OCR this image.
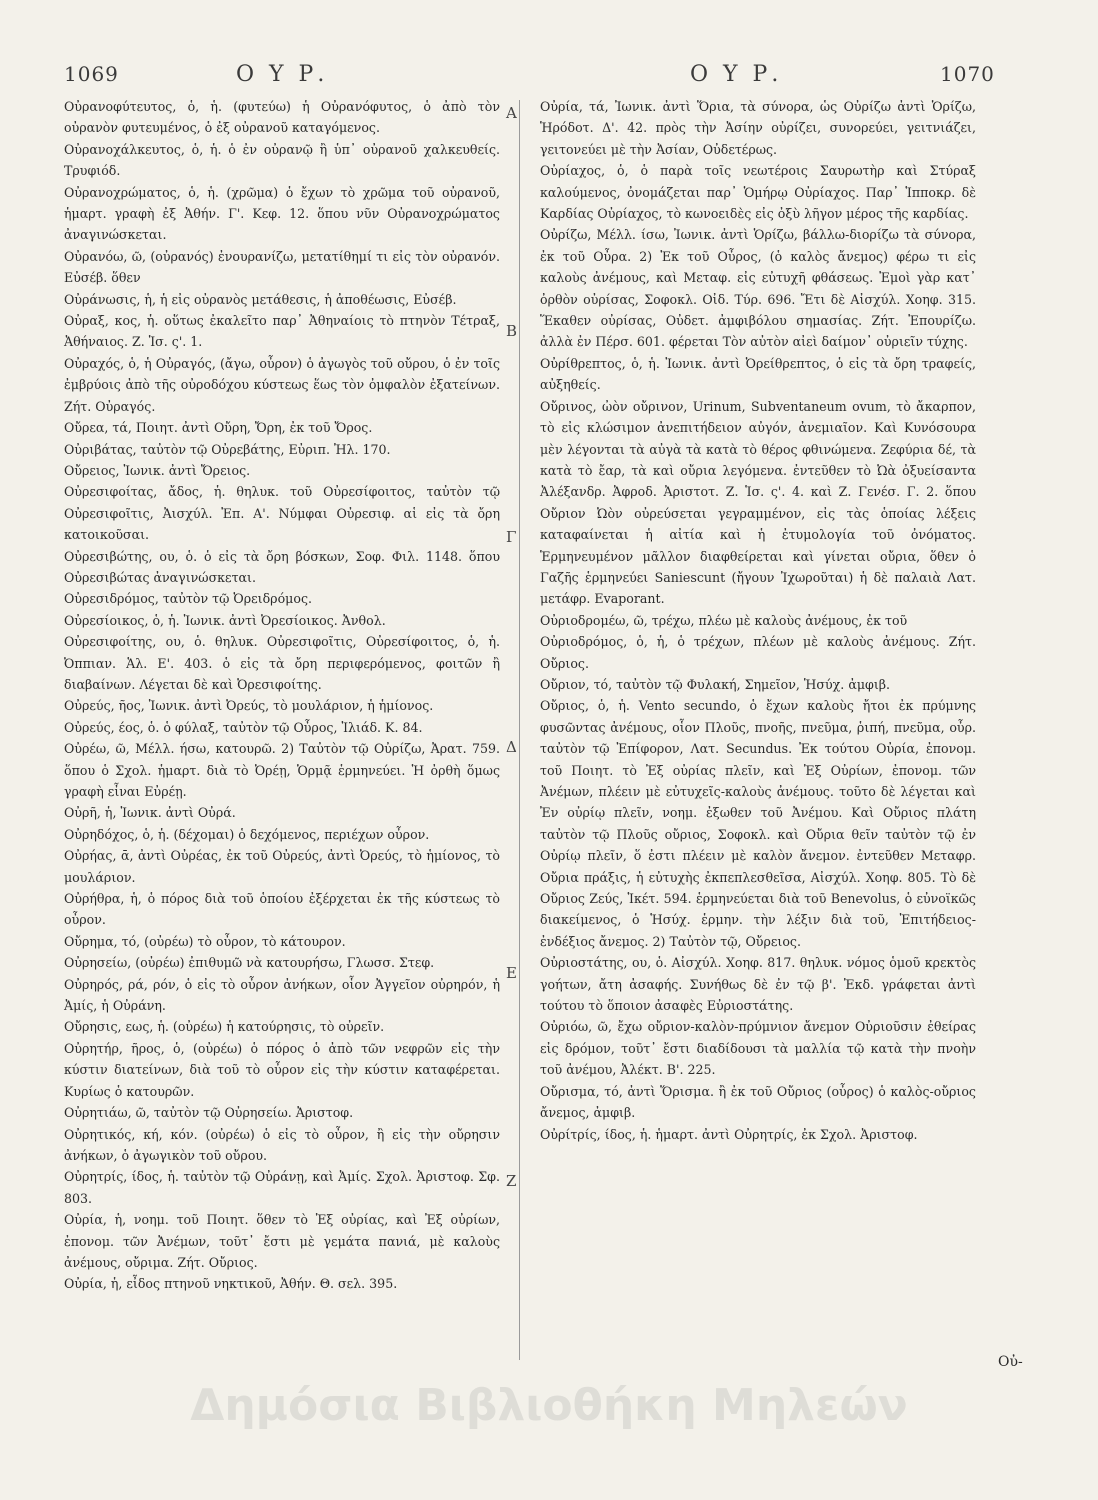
1069	Ο Υ Ρ.	Ο Υ Ρ.	1070

Οὐρανοφύτευτος, ὁ, ἡ. (φυτεύω) ἡ Οὐρανόφυτος, ὁ ἀπὸ τὸν οὐρανὸν φυτευμένος, ὁ ἐξ οὐρανοῦ καταγόμενος.

Οὐρανοχάλκευτος, ὁ, ἡ. ὁ ἐν οὐρανῷ ἢ ὑπ᾽ οὐρανοῦ χαλκευθείς. Τρυφιόδ.

Οὐρανοχρώματος, ὁ, ἡ. (χρῶμα) ὁ ἔχων τὸ χρῶμα τοῦ οὐρανοῦ, ἡμαρτ. γραφὴ ἐξ Ἀθήν. Γ'. Κεφ. 12. ὅπου νῦν Οὐρανοχρώματος ἀναγινώσκεται.

Οὐρανόω, ῶ, (οὐρανός) ἐνουρανίζω, μετατίθημί τι εἰς τὸν οὐρανόν. Εὐσέβ. ὅθεν

Οὐράνωσις, ἡ, ἡ εἰς οὐρανὸς μετάθεσις, ἡ ἀποθέωσις, Εὐσέβ.

Οὐραξ, κος, ἡ. οὕτως ἐκαλεῖτο παρ᾽ Ἀθηναίοις τὸ πτηνὸν Τέτραξ, Ἀθήναιος. Ζ. Ἱσ. ς'. 1.

Οὐραχός, ὁ, ἡ Οὐραγός, (ἄγω, οὖρον) ὁ ἀγωγὸς τοῦ οὔρου, ὁ ἐν τοῖς ἐμβρύοις ἀπὸ τῆς οὐροδόχου κύστεως ἕως τὸν ὀμφαλὸν ἐξατείνων. Ζήτ. Οὐραγός.

Οὔρεα, τά, Ποιητ. ἀντὶ Οὔρη, Ὄρη, ἐκ τοῦ Ὄρος.

Οὐριβάτας, ταὐτὸν τῷ Οὐρεβάτης, Εὐριπ. Ἠλ. 170.

Οὔρειος, Ἰωνικ. ἀντὶ Ὄρειος.

Οὐρεσιφοίτας, ἄδος, ἡ. θηλυκ. τοῦ Οὐρεσίφοιτος, ταὐτὸν τῷ Οὐρεσιφοῖτις, Ἀισχύλ. Ἐπ. Α'. Νύμφαι Οὐρεσιφ. αἱ εἰς τὰ ὄρη κατοικοῦσαι.

Οὐρεσιβώτης, ου, ὁ. ὁ εἰς τὰ ὄρη βόσκων, Σοφ. Φιλ. 1148. ὅπου Οὐρεσιβώτας ἀναγινώσκεται.

Οὐρεσιδρόμος, ταὐτὸν τῷ Ὀρειδρόμος.

Οὐρεσίοικος, ὁ, ἡ. Ἰωνικ. ἀντὶ Ὀρεσίοικος. Ἀνθολ.

Οὐρεσιφοίτης, ου, ὁ. θηλυκ. Οὐρεσιφοῖτις, Οὐρεσίφοιτος, ὁ, ἡ. Ὀππιαν. Ἁλ. Ε'. 403. ὁ εἰς τὰ ὄρη περιφερόμενος, φοιτῶν ἢ διαβαίνων. Λέγεται δὲ καὶ Ὀρεσιφοίτης.

Οὐρεύς, ῆος, Ἰωνικ. ἀντὶ Ὀρεύς, τὸ μουλάριον, ἡ ἡμίονος.

Οὐρεύς, έος, ὁ. ὁ φύλαξ, ταὐτὸν τῷ Οὖρος, Ἰλιάδ. Κ. 84.

Οὐρέω, ῶ, Μέλλ. ήσω, κατουρῶ. 2) Ταὐτὸν τῷ Οὐρίζω, Ἀρατ. 759. ὅπου ὁ Σχολ. ἡμαρτ. διὰ τὸ Ὀρέῃ, Ὁρμᾷ ἑρμηνεύει. Ἡ ὀρθὴ ὅμως γραφὴ εἶναι Εὐρέῃ.

Οὐρῆ, ἡ, Ἰωνικ. ἀντὶ Οὐρά.

Οὐρηδόχος, ὁ, ἡ. (δέχομαι) ὁ δεχόμενος, περιέχων οὖρον.

Οὐρήας, ᾱ, ἀντὶ Οὐρέας, ἐκ τοῦ Οὐρεύς, ἀντὶ Ὀρεύς, τὸ ἡμίονος, τὸ μουλάριον.

Οὐρήθρα, ἡ, ὁ πόρος διὰ τοῦ ὁποίου ἐξέρχεται ἐκ τῆς κύστεως τὸ οὖρον.

Οὔρημα, τό, (οὐρέω) τὸ οὖρον, τὸ κάτουρον.

Οὐρησείω, (οὐρέω) ἐπιθυμῶ νὰ κατουρήσω, Γλωσσ. Στεφ.

Οὐρηρός, ρά, ρόν, ὁ εἰς τὸ οὖρον ἀνήκων, οἷον Ἀγγεῖον οὐρηρόν, ἡ Ἀμίς, ἡ Οὐράνη.

Οὔρησις, εως, ἡ. (οὐρέω) ἡ κατούρησις, τὸ οὐρεῖν.

Οὐρητήρ, ῆρος, ὁ, (οὐρέω) ὁ πόρος ὁ ἀπὸ τῶν νεφρῶν εἰς τὴν κύστιν διατείνων, διὰ τοῦ τὸ οὖρον εἰς τὴν κύστιν καταφέρεται. Κυρίως ὁ κατουρῶν.

Οὐρητιάω, ῶ, ταὐτὸν τῷ Οὐρησείω. Ἀριστοφ.

Οὐρητικός, κή, κόν. (οὐρέω) ὁ εἰς τὸ οὖρον, ἢ εἰς τὴν οὔρησιν ἀνήκων, ὁ ἀγωγικὸν τοῦ οὔρου.

Οὐρητρίς, ίδος, ἡ. ταὐτὸν τῷ Οὐράνῃ, καὶ Ἀμίς. Σχολ. Ἀριστοφ. Σφ. 803.

Οὐρία, ἡ, νοημ. τοῦ Ποιητ. ὅθεν τὸ Ἐξ οὐρίας, καὶ Ἐξ οὐρίων, ἐπονομ. τῶν Ἀνέμων, τοῦτ᾽ ἔστι μὲ γεμάτα πανιά, μὲ καλοὺς ἀνέμους, οὔριμα. Ζήτ. Οὔριος.

Οὐρία, ἡ, εἶδος πτηνοῦ νηκτικοῦ, Ἀθήν. Θ. σελ. 395.

Α
Β
Γ
Δ
Ε
Ζ

Οὐρία, τά, Ἰωνικ. ἀντὶ Ὅρια, τὰ σύνορα, ὡς Οὐρίζω ἀντὶ Ὁρίζω, Ἡρόδοτ. Δ'. 42. πρὸς τὴν Ἀσίην οὐρίζει, συνορεύει, γειτνιάζει, γειτονεύει μὲ τὴν Ἀσίαν, Οὐδετέρως.

Οὐρίαχος, ὁ, ὁ παρὰ τοῖς νεωτέροις Σαυρωτὴρ καὶ Στύραξ καλούμενος, ὀνομάζεται παρ᾽ Ὁμήρῳ Οὐρίαχος. Παρ᾽ Ἱπποκρ. δὲ Καρδίας Οὐρίαχος, τὸ κωνοειδὲς εἰς ὀξὺ λῆγον μέρος τῆς καρδίας.

Οὐρίζω, Μέλλ. ίσω, Ἰωνικ. ἀντὶ Ὁρίζω, βάλλω-διορίζω τὰ σύνορα, ἐκ τοῦ Οὖρα. 2) Ἐκ τοῦ Οὖρος, (ὁ καλὸς ἄνεμος) φέρω τι εἰς καλοὺς ἀνέμους, καὶ Μεταφ. εἰς εὐτυχῆ φθάσεως. Ἐμοὶ γὰρ κατ᾽ ὀρθὸν οὐρίσας, Σοφοκλ. Οἰδ. Τύρ. 696. Ἔτι δὲ Αἰσχύλ. Χοηφ. 315. Ἕκαθεν οὐρίσας, Οὐδετ. ἀμφιβόλου σημασίας. Ζήτ. Ἐπουρίζω. ἀλλὰ ἐν Πέρσ. 601. φέρεται Τὸν αὐτὸν αἰεὶ δαίμον᾽ οὐριεῖν τύχης.

Οὐρίθρεπτος, ὁ, ἡ. Ἰωνικ. ἀντὶ Ὀρείθρεπτος, ὁ εἰς τὰ ὄρη τραφείς, αὐξηθείς.

Οὔρινος, ὠὸν οὔρινον, Urinum, Subventaneum ovum, τὸ ἄκαρπον, τὸ εἰς κλώσιμον ἀνεπιτήδειον αὐγόν, ἀνεμιαῖον. Καὶ Κυνόσουρα μὲν λέγονται τὰ αὐγὰ τὰ κατὰ τὸ θέρος φθινώμενα. Ζεφύρια δέ, τὰ κατὰ τὸ ἔαρ, τὰ καὶ οὔρια λεγόμενα. ἐντεῦθεν τὸ Ὠὰ ὀξυείσαντα Ἀλέξανδρ. Ἀφροδ. Ἀριστοτ. Ζ. Ἱσ. ς'. 4. καὶ Ζ. Γενέσ. Γ. 2. ὅπου Οὔριον Ὠὸν οὐρεύσεται γεγραμμένον, εἰς τὰς ὁποίας λέξεις καταφαίνεται ἡ αἰτία καὶ ἡ ἐτυμολογία τοῦ ὀνόματος. Ἑρμηνευμένον μᾶλλον διαφθείρεται καὶ γίνεται οὔρια, ὅθεν ὁ Γαζῆς ἑρμηνεύει Saniescunt (ἤγουν Ἰχωροῦται) ἡ δὲ παλαιὰ Λατ. μετάφρ. Evaporant.

Οὐριοδρομέω, ῶ, τρέχω, πλέω μὲ καλοὺς ἀνέμους, ἐκ τοῦ

Οὐριοδρόμος, ὁ, ἡ, ὁ τρέχων, πλέων μὲ καλοὺς ἀνέμους. Ζήτ. Οὔριος.

Οὔριον, τό, ταὐτὸν τῷ Φυλακή, Σημεῖον, Ἡσύχ. ἀμφιβ.

Οὔριος, ὁ, ἡ. Vento secundo, ὁ ἔχων καλοὺς ἤτοι ἐκ πρύμνης φυσῶντας ἀνέμους, οἷον Πλοῦς, πνοῆς, πνεῦμα, ῥιπή, πνεῦμα, οὖρ. ταὐτὸν τῷ Ἐπίφορον, Λατ. Secundus. Ἐκ τούτου Οὐρία, ἐπονομ. τοῦ Ποιητ. τὸ Ἐξ οὐρίας πλεῖν, καὶ Ἐξ Οὐρίων, ἐπονομ. τῶν Ἀνέμων, πλέειν μὲ εὐτυχεῖς-καλοὺς ἀνέμους. τοῦτο δὲ λέγεται καὶ Ἐν οὐρίῳ πλεῖν, νοημ. ἐξωθεν τοῦ Ἀνέμου. Καὶ Οὔριος πλάτη ταὐτὸν τῷ Πλοῦς οὔριος, Σοφοκλ. καὶ Οὔρια θεῖν ταὐτὸν τῷ ἐν Οὐρίῳ πλεῖν, ὅ ἐστι πλέειν μὲ καλὸν ἄνεμον. ἐντεῦθεν Μεταφρ. Οὔρια πράξις, ἡ εὐτυχὴς ἐκπεπλεσθεῖσα, Αἰσχύλ. Χοηφ. 805. Τὸ δὲ Οὔριος Ζεύς, Ἱκέτ. 594. ἑρμηνεύεται διὰ τοῦ Benevolus, ὁ εὐνοϊκῶς διακείμενος, ὁ Ἡσύχ. ἑρμην. τὴν λέξιν διὰ τοῦ, Ἐπιτήδειος-ἐνδέξιος ἄνεμος. 2) Ταὐτὸν τῷ, Οὔρειος.

Οὐριοστάτης, ου, ὁ. Αἰσχύλ. Χοηφ. 817. θηλυκ. νόμος ὁμοῦ κρεκτὸς γοήτων, ἄτη ἀσαφής. Συνήθως δὲ ἐν τῷ β'. Ἐκδ. γράφεται ἀντὶ τούτου τὸ ὅποιον ἀσαφὲς Εὐριοστάτης.

Οὐριόω, ῶ, ἔχω οὔριον-καλὸν-πρύμνιον ἄνεμον Οὐριοῦσιν ἐθείρας εἰς δρόμον, τοῦτ᾽ ἔστι διαδίδουσι τὰ μαλλία τῷ κατὰ τὴν πνοὴν τοῦ ἀνέμου, Ἀλέκτ. Β'. 225.

Οὔρισμα, τό, ἀντὶ Ὅρισμα. ἢ ἐκ τοῦ Οὔριος (οὖρος) ὁ καλὸς-οὔριος ἄνεμος, ἀμφιβ.

Οὐρίτρίς, ίδος, ἡ. ἡμαρτ. ἀντὶ Οὐρητρίς, ἐκ Σχολ. Ἀριστοφ.

Οὐ-
Δημόσια Βιβλιοθήκη Μηλεών
